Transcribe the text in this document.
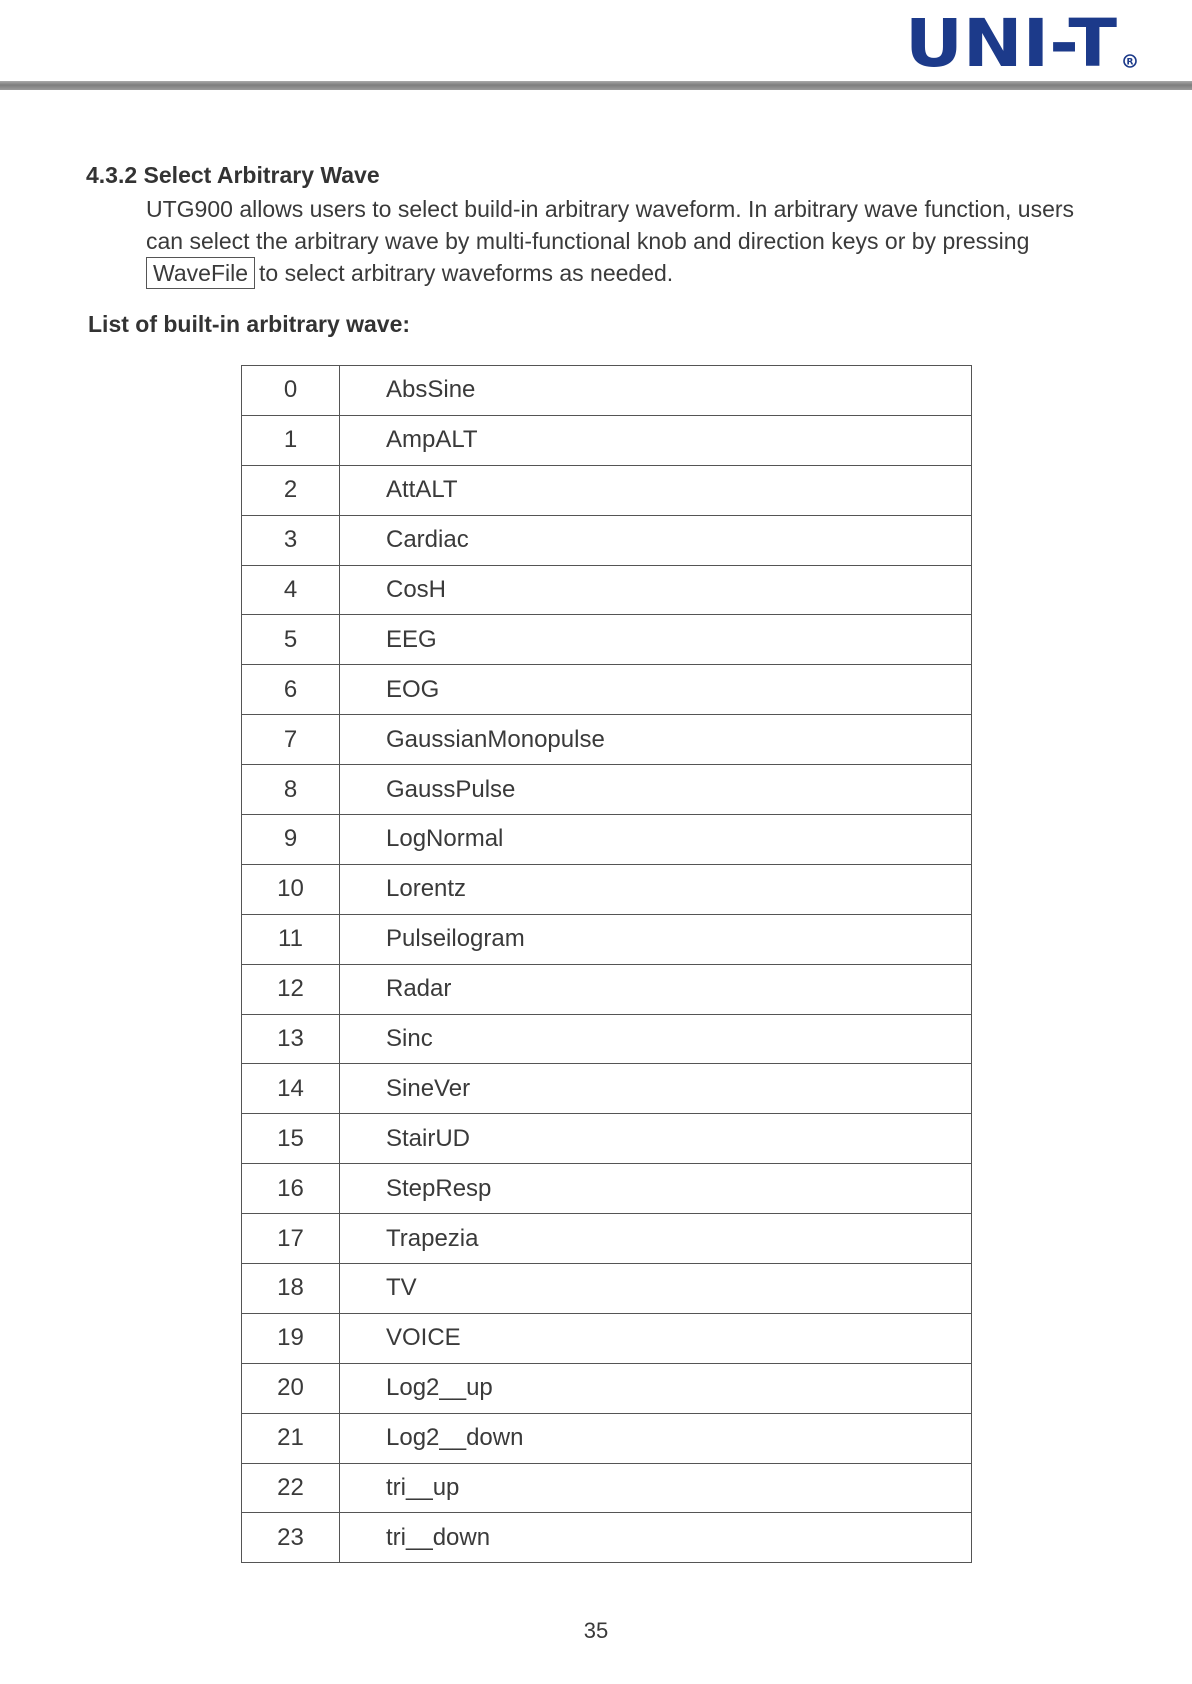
UNI-T R
4.3.2 Select Arbitrary Wave

UTG900 allows users to select build-in arbitrary waveform. In arbitrary wave function, users

can select the arbitrary wave by multi-functional knob and direction keys or by pressing

WaveFile to select arbitrary waveforms as needed.

List of built-in arbitrary wave:
0	AbsSine
1	AmpALT
2	AttALT
3	Cardiac
4	CosH
5	EEG
6	EOG
7	GaussianMonopulse
8	GaussPulse
9	LogNormal
10	Lorentz
11	Pulseilogram
12	Radar
13	Sinc
14	SineVer
15	StairUD
16	StepResp
17	Trapezia
18	TV
19	VOICE
20	Log2__up
21	Log2__down
22	tri__up
23	tri__down
35
